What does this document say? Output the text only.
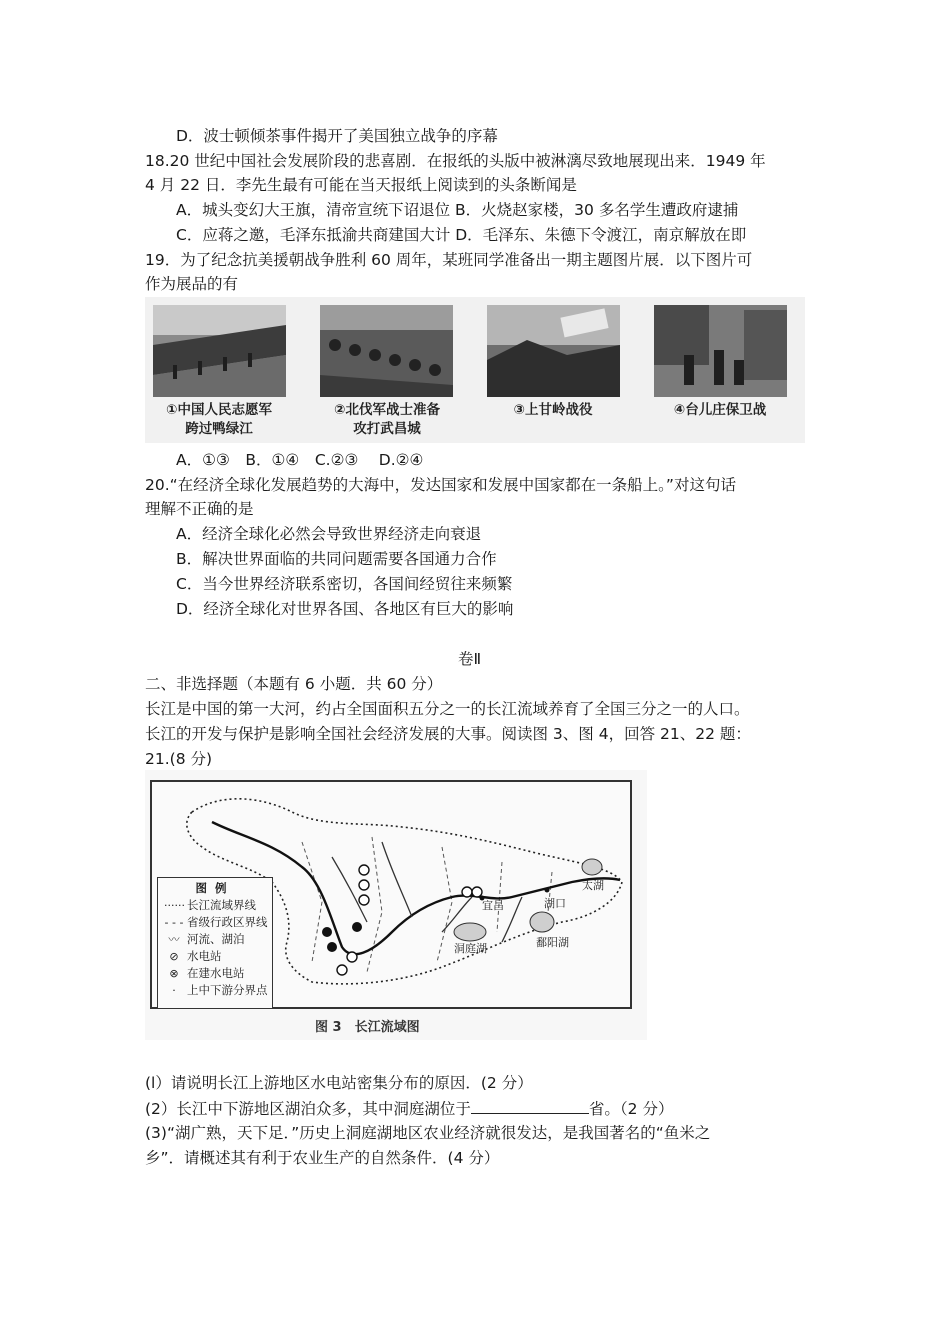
D．波士顿倾茶事件揭开了美国独立战争的序幕
18.20 世纪中国社会发展阶段的悲喜剧．在报纸的头版中被淋漓尽致地展现出来．1949 年
4 月 22 日．李先生最有可能在当天报纸上阅读到的头条断闻是
A．城头变幻大王旗，清帝宣统下诏退位 B．火烧赵家楼，30 多名学生遭政府逮捕
C．应蒋之邀，毛泽东抵渝共商建国大计 D．毛泽东、朱德下令渡江，南京解放在即
19．为了纪念抗美援朝战争胜利 60 周年，某班同学准备出一期主题图片展．以下图片可
作为展品的有
①中国人民志愿军
跨过鸭绿江
②北伐军战士准备
攻打武昌城
③上甘岭战役	④台儿庄保卫战
A．①③　B．①④　C.②③　 D.②④
20.“在经济全球化发展趋势的大海中，发达国家和发展中国家都在一条船上。”对这句话
理解不正确的是
A．经济全球化必然会导致世界经济走向衰退
B．解决世界面临的共同问题需要各国通力合作
C．当今世界经济联系密切，各国间经贸往来频繁
D．经济全球化对世界各国、各地区有巨大的影响
卷Ⅱ
二、非选择题（本题有 6 小题．共 60 分）
长江是中国的第一大河，约占全国面积五分之一的长江流域养育了全国三分之一的人口。
长江的开发与保护是影响全国社会经济发展的大事。阅读图 3、图 4，回答 21、22 题：
21.(8 分)
宜昌	湖口
太湖
洞庭湖	鄱阳湖
图例
······ 长江流域界线
- - - 省级行政区界线
〰 河流、湖泊
⊘ 水电站
⊗ 在建水电站
· 上中下游分界点
图 3　长江流域图
(l）请说明长江上游地区水电站密集分布的原因．(2 分）
(2）长江中下游地区湖泊众多，其中洞庭湖位于	省。（2 分）
(3)“湖广熟，天下足．”历史上洞庭湖地区农业经济就很发达，是我国著名的“鱼米之
乡”．请概述其有利于农业生产的自然条件．(4 分）
